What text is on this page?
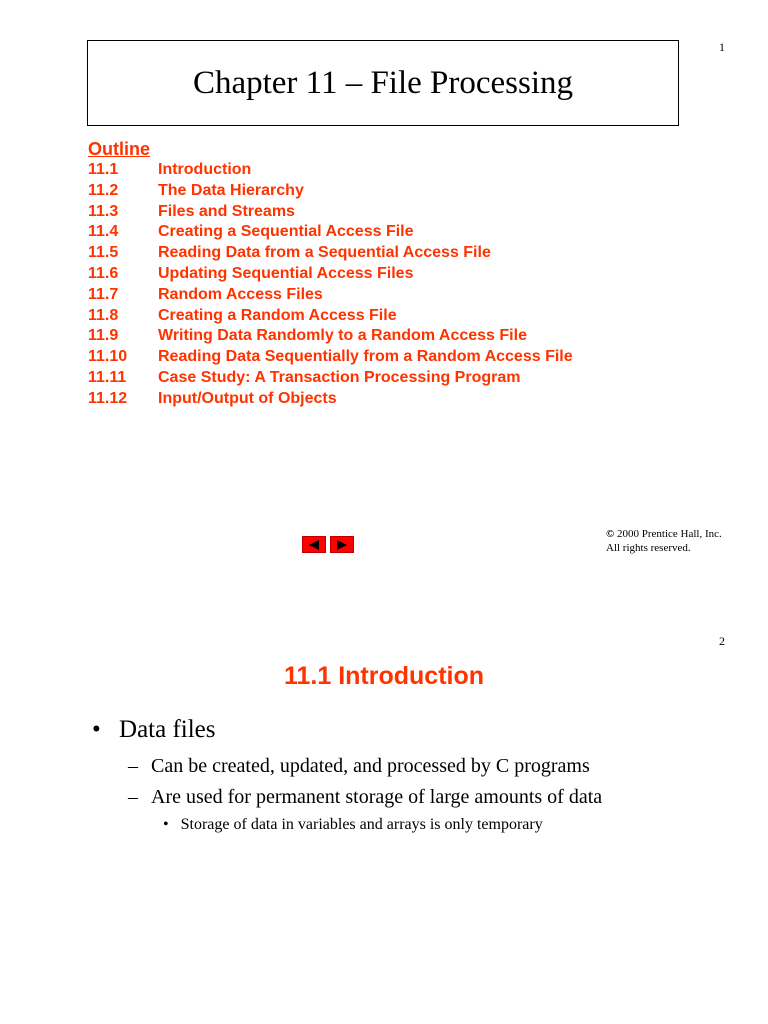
1
Chapter 11 – File Processing
Outline
11.1	Introduction
11.2	The Data Hierarchy
11.3	Files and Streams
11.4	Creating a Sequential Access File
11.5	Reading Data from a Sequential Access File
11.6	Updating Sequential Access Files
11.7	Random Access Files
11.8	Creating a Random Access File
11.9	Writing Data Randomly to a Random Access File
11.10	Reading Data Sequentially from a Random Access File
11.11	Case Study: A Transaction Processing Program
11.12	Input/Output of Objects
© 2000 Prentice Hall, Inc.
All rights reserved.
2
11.1 Introduction
• Data files
– Can be created, updated, and processed by C programs
– Are used for permanent storage of large amounts of data
• Storage of data in variables and arrays is only temporary
